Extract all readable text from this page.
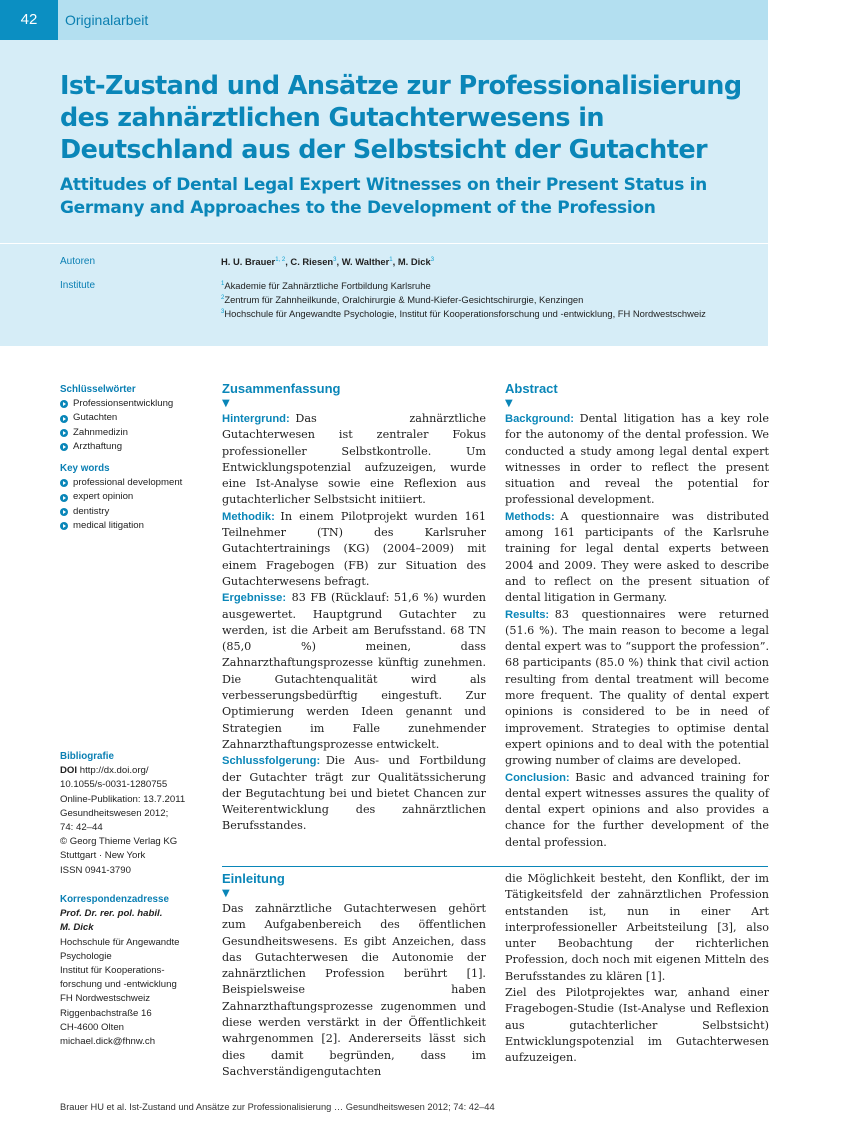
42	Originalarbeit
Ist-Zustand und Ansätze zur Professionalisierung des zahnärztlichen Gutachterwesens in Deutschland aus der Selbstsicht der Gutachter
Attitudes of Dental Legal Expert Witnesses on their Present Status in Germany and Approaches to the Development of the Profession
Autoren	H. U. Brauer$^{1, 2}$, C. Riesen$^3$, W. Walther$^1$, M. Dick$^3$
Institute	$^1$Akademie für Zahnärztliche Fortbildung Karlsruhe
$^2$Zentrum für Zahnheilkunde, Oralchirurgie & Mund-Kiefer-Gesichtschirurgie, Kenzingen
$^3$Hochschule für Angewandte Psychologie, Institut für Kooperationsforschung und -entwicklung, FH Nordwestschweiz
Schlüsselwörter
Professionsentwicklung
Gutachten
Zahnmedizin
Arzthaftung
Key words
professional development
expert opinion
dentistry
medical litigation
Bibliografie
DOI http://dx.doi.org/
10.1055/s-0031-1280755
Online-Publikation: 13.7.2011
Gesundheitswesen 2012;
74: 42–44
© Georg Thieme Verlag KG
Stuttgart · New York
ISSN 0941-3790
Korrespondenzadresse
Prof. Dr. rer. pol. habil.
M. Dick
Hochschule für Angewandte
Psychologie
Institut für Kooperations-
forschung und -entwicklung
FH Nordwestschweiz
Riggenbachstraße 16
CH-4600 Olten
michael.dick@fhnw.ch
Zusammenfassung
▼

Hintergrund:  Das zahnärztliche Gutachterwesen ist zentraler Fokus professioneller Selbstkontrolle. Um Entwicklungspotenzial aufzuzeigen, wurde eine Ist-Analyse sowie eine Reflexion aus gutachterlicher Selbstsicht initiiert.

Methodik:  In einem Pilotprojekt wurden 161 Teilnehmer (TN) des Karlsruher Gutachtertrainings (KG) (2004–2009) mit einem Fragebogen (FB) zur Situation des Gutachterwesens befragt.

Ergebnisse:  83 FB (Rücklauf: 51,6 %) wurden ausgewertet. Hauptgrund Gutachter zu werden, ist die Arbeit am Berufsstand. 68 TN (85,0 %) meinen, dass Zahnarzthaftungsprozesse künftig zunehmen. Die Gutachtenqualität wird als verbesserungsbedürftig eingestuft. Zur Optimierung werden Ideen genannt und Strategien im Falle zunehmender Zahnarzthaftungsprozesse entwickelt.

Schlussfolgerung:  Die Aus- und Fortbildung der Gutachter trägt zur Qualitätssicherung der Begutachtung bei und bietet Chancen zur Weiterentwicklung des zahnärztlichen Berufsstandes.

Abstract
▼

Background:  Dental litigation has a key role for the autonomy of the dental profession. We conducted a study among legal dental expert witnesses in order to reflect the present situation and reveal the potential for professional development.

Methods:  A questionnaire was distributed among 161 participants of the Karlsruhe training for legal dental experts between 2004 and 2009. They were asked to describe and to reflect on the present situation of dental litigation in Germany.

Results:  83 questionnaires were returned (51.6 %). The main reason to become a legal dental expert was to “support the profession”. 68 participants (85.0 %) think that civil action resulting from dental treatment will become more frequent. The quality of dental expert opinions is considered to be in need of improvement. Strategies to optimise dental expert opinions and to deal with the potential growing number of claims are developed.

Conclusion:  Basic and advanced training for dental expert witnesses assures the quality of dental expert opinions and also provides a chance for the further development of the dental profession.

Einleitung
▼

Das zahnärztliche Gutachterwesen gehört zum Aufgabenbereich des öffentlichen Gesundheitswesens. Es gibt Anzeichen, dass das Gutachterwesen die Autonomie der zahnärztlichen Profession berührt [1]. Beispielsweise haben Zahnarzthaftungsprozesse zugenommen und diese werden verstärkt in der Öffentlichkeit wahrgenommen [2]. Andererseits lässt sich dies damit begründen, dass im Sachverständigengutachten

die Möglichkeit besteht, den Konflikt, der im Tätigkeitsfeld der zahnärztlichen Profession entstanden ist, nun in einer Art interprofessioneller Arbeitsteilung [3], also unter Beobachtung der richterlichen Profession, doch noch mit eigenen Mitteln des Berufsstandes zu klären [1].

Ziel des Pilotprojektes war, anhand einer Fragebogen-Studie (Ist-Analyse und Reflexion aus gutachterlicher Selbstsicht) Entwicklungspotenzial im Gutachterwesen aufzuzeigen.

Brauer HU et al. Ist-Zustand und Ansätze zur Professionalisierung … Gesundheitswesen 2012; 74: 42–44
